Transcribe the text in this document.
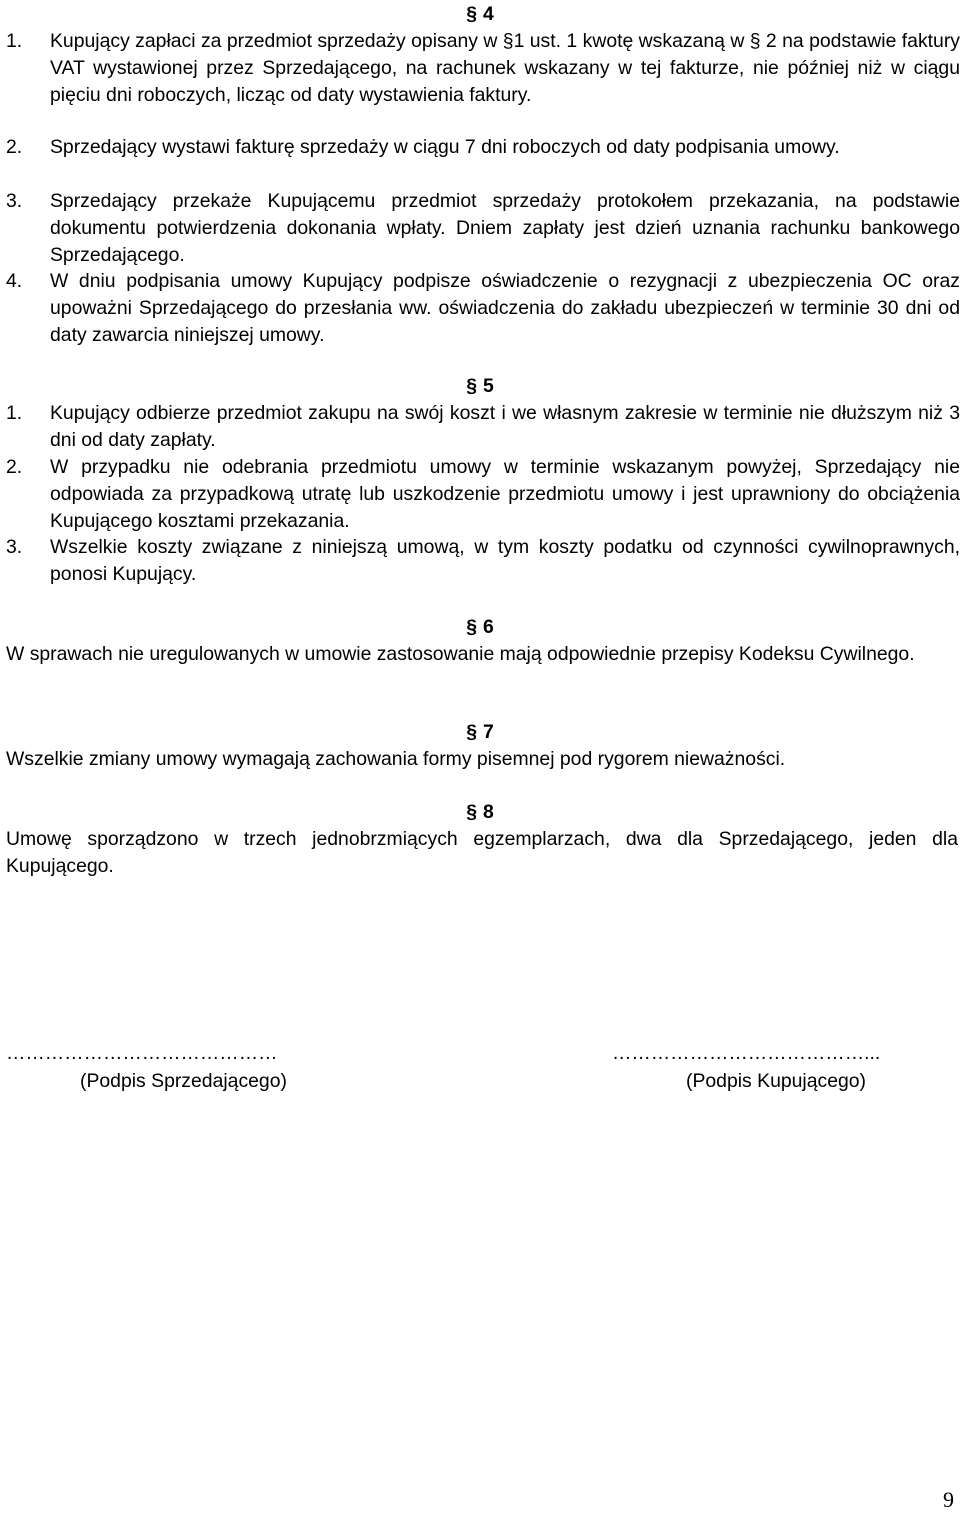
§ 4
1.	Kupujący zapłaci za przedmiot sprzedaży opisany w §1 ust. 1 kwotę wskazaną w § 2 na podstawie faktury VAT wystawionej przez Sprzedającego, na rachunek wskazany w tej fakturze, nie później niż w ciągu pięciu dni roboczych, licząc od daty wystawienia faktury.
2.	Sprzedający wystawi fakturę sprzedaży w ciągu 7 dni roboczych od daty podpisania umowy.
3.	Sprzedający przekaże Kupującemu przedmiot sprzedaży protokołem przekazania, na podstawie dokumentu potwierdzenia dokonania wpłaty. Dniem zapłaty jest dzień uznania rachunku bankowego Sprzedającego.
4.	W dniu podpisania umowy Kupujący podpisze oświadczenie o rezygnacji z ubezpieczenia OC oraz upoważni Sprzedającego do przesłania ww. oświadczenia do zakładu ubezpieczeń w terminie 30 dni od daty zawarcia niniejszej umowy.
§ 5
1.	Kupujący odbierze przedmiot zakupu na swój koszt i we własnym zakresie w terminie nie dłuższym niż 3 dni od daty zapłaty.
2.	W przypadku nie odebrania przedmiotu umowy w terminie wskazanym powyżej, Sprzedający nie odpowiada za przypadkową utratę lub uszkodzenie przedmiotu umowy i jest uprawniony do obciążenia Kupującego kosztami przekazania.
3.	Wszelkie koszty związane z niniejszą umową, w tym koszty podatku od czynności cywilnoprawnych, ponosi Kupujący.
§ 6
W sprawach nie uregulowanych w umowie zastosowanie mają odpowiednie przepisy Kodeksu Cywilnego.
§ 7
Wszelkie zmiany umowy wymagają zachowania formy pisemnej pod rygorem nieważności.
§ 8
Umowę sporządzono w trzech jednobrzmiących egzemplarzach, dwa dla Sprzedającego, jeden dla Kupującego.
……………………………………
(Podpis Sprzedającego)
…………………………………...
(Podpis Kupującego)
9
